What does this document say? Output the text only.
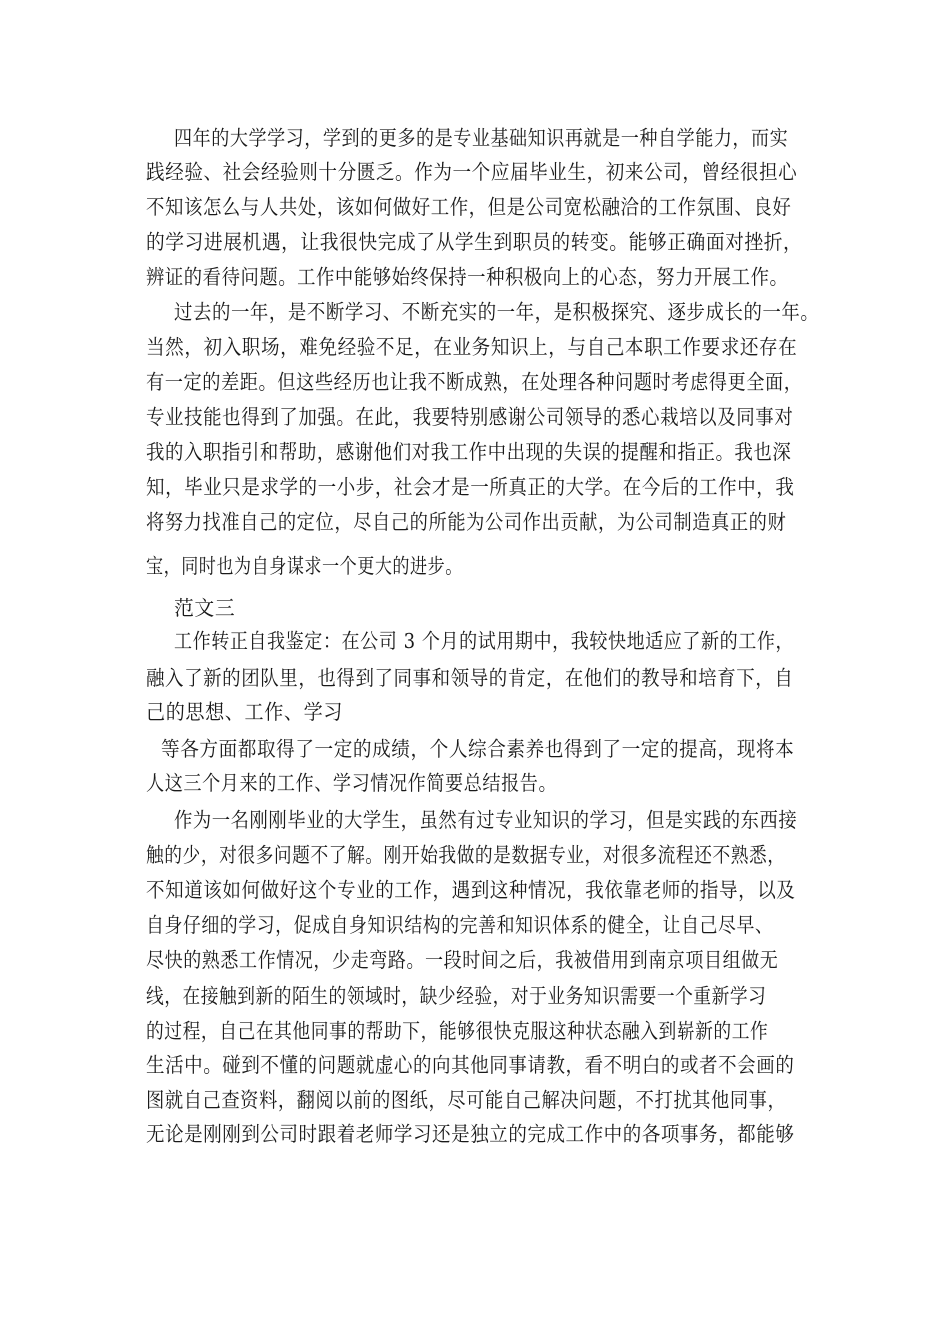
四年的大学学习，学到的更多的是专业基础知识再就是一种自学能力，而实
践经验、社会经验则十分匮乏。作为一个应届毕业生，初来公司，曾经很担心
不知该怎么与人共处，该如何做好工作，但是公司宽松融洽的工作氛围、良好
的学习进展机遇，让我很快完成了从学生到职员的转变。能够正确面对挫折，
辨证的看待问题。工作中能够始终保持一种积极向上的心态，努力开展工作。
过去的一年，是不断学习、不断充实的一年，是积极探究、逐步成长的一年。
当然，初入职场，难免经验不足，在业务知识上，与自己本职工作要求还存在
有一定的差距。但这些经历也让我不断成熟，在处理各种问题时考虑得更全面，
专业技能也得到了加强。在此，我要特别感谢公司领导的悉心栽培以及同事对
我的入职指引和帮助，感谢他们对我工作中出现的失误的提醒和指正。我也深
知，毕业只是求学的一小步，社会才是一所真正的大学。在今后的工作中，我
将努力找准自己的定位，尽自己的所能为公司作出贡献，为公司制造真正的财
宝，同时也为自身谋求一个更大的进步。
范文三
工作转正自我鉴定：在公司 3 个月的试用期中，我较快地适应了新的工作，
融入了新的团队里，也得到了同事和领导的肯定，在他们的教导和培育下，自
己的思想、工作、学习
等各方面都取得了一定的成绩，个人综合素养也得到了一定的提高，现将本
人这三个月来的工作、学习情况作简要总结报告。
作为一名刚刚毕业的大学生，虽然有过专业知识的学习，但是实践的东西接
触的少，对很多问题不了解。刚开始我做的是数据专业，对很多流程还不熟悉，
不知道该如何做好这个专业的工作，遇到这种情况，我依靠老师的指导，以及
自身仔细的学习，促成自身知识结构的完善和知识体系的健全，让自己尽早、
尽快的熟悉工作情况，少走弯路。一段时间之后，我被借用到南京项目组做无
线，在接触到新的陌生的领域时，缺少经验，对于业务知识需要一个重新学习
的过程，自己在其他同事的帮助下，能够很快克服这种状态融入到崭新的工作
生活中。碰到不懂的问题就虚心的向其他同事请教，看不明白的或者不会画的
图就自己查资料，翻阅以前的图纸，尽可能自己解决问题，不打扰其他同事，
无论是刚刚到公司时跟着老师学习还是独立的完成工作中的各项事务，都能够
